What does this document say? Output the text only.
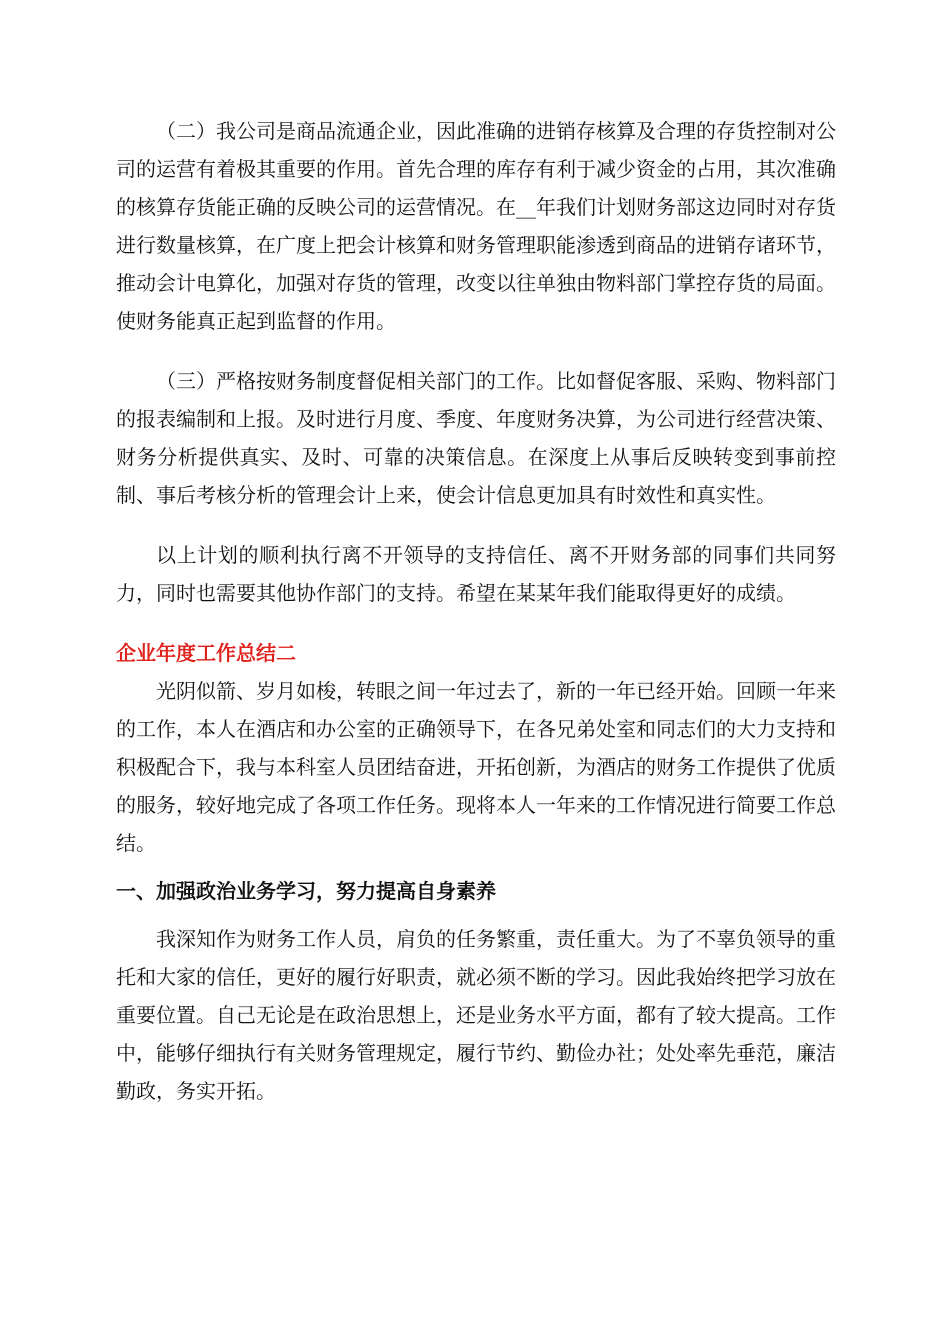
（二）我公司是商品流通企业，因此准确的进销存核算及合理的存货控制对公司的运营有着极其重要的作用。首先合理的库存有利于减少资金的占用，其次准确的核算存货能正确的反映公司的运营情况。在__年我们计划财务部这边同时对存货进行数量核算，在广度上把会计核算和财务管理职能渗透到商品的进销存诸环节，推动会计电算化，加强对存货的管理，改变以往单独由物料部门掌控存货的局面。使财务能真正起到监督的作用。

（三）严格按财务制度督促相关部门的工作。比如督促客服、采购、物料部门的报表编制和上报。及时进行月度、季度、年度财务决算，为公司进行经营决策、财务分析提供真实、及时、可靠的决策信息。在深度上从事后反映转变到事前控制、事后考核分析的管理会计上来，使会计信息更加具有时效性和真实性。

以上计划的顺利执行离不开领导的支持信任、离不开财务部的同事们共同努力，同时也需要其他协作部门的支持。希望在某某年我们能取得更好的成绩。

企业年度工作总结二

光阴似箭、岁月如梭，转眼之间一年过去了，新的一年已经开始。回顾一年来的工作，本人在酒店和办公室的正确领导下，在各兄弟处室和同志们的大力支持和积极配合下，我与本科室人员团结奋进，开拓创新，为酒店的财务工作提供了优质的服务，较好地完成了各项工作任务。现将本人一年来的工作情况进行简要工作总结。

一、加强政治业务学习，努力提高自身素养

我深知作为财务工作人员，肩负的任务繁重，责任重大。为了不辜负领导的重托和大家的信任，更好的履行好职责，就必须不断的学习。因此我始终把学习放在重要位置。自己无论是在政治思想上，还是业务水平方面，都有了较大提高。工作中，能够仔细执行有关财务管理规定，履行节约、勤俭办社；处处率先垂范，廉洁勤政，务实开拓。
